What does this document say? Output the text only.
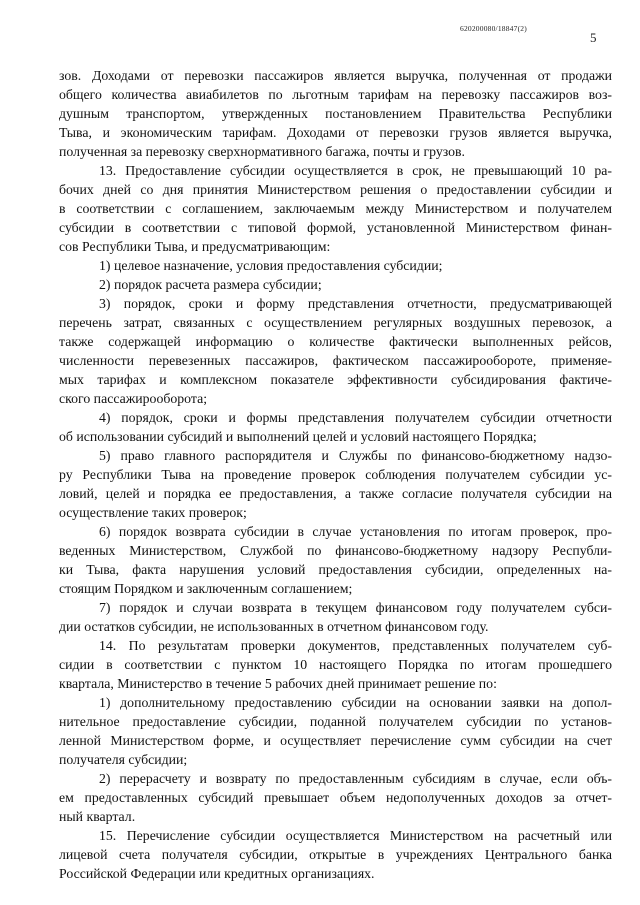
620200080/18847(2)
5
зов. Доходами от перевозки пассажиров является выручка, полученная от продажи
общего количества авиабилетов по льготным тарифам на перевозку пассажиров воз-
душным транспортом, утвержденных постановлением Правительства Республики
Тыва, и экономическим тарифам. Доходами от перевозки грузов является выручка,
полученная за перевозку сверхнормативного багажа, почты и грузов.
13. Предоставление субсидии осуществляется в срок, не превышающий 10 ра-
бочих дней со дня принятия Министерством решения о предоставлении субсидии и
в соответствии с соглашением, заключаемым между Министерством и получателем
субсидии в соответствии с типовой формой, установленной Министерством финан-
сов Республики Тыва, и предусматривающим:
1) целевое назначение, условия предоставления субсидии;
2) порядок расчета размера субсидии;
3) порядок, сроки и форму представления отчетности, предусматривающей
перечень затрат, связанных с осуществлением регулярных воздушных перевозок, а
также содержащей информацию о количестве фактически выполненных рейсов,
численности перевезенных пассажиров, фактическом пассажирообороте, применяе-
мых тарифах и комплексном показателе эффективности субсидирования фактиче-
ского пассажирооборота;
4) порядок, сроки и формы представления получателем субсидии отчетности
об использовании субсидий и выполнений целей и условий настоящего Порядка;
5) право главного распорядителя и Службы по финансово-бюджетному надзо-
ру Республики Тыва на проведение проверок соблюдения получателем субсидии ус-
ловий, целей и порядка ее предоставления, а также согласие получателя субсидии на
осуществление таких проверок;
6) порядок возврата субсидии в случае установления по итогам проверок, про-
веденных Министерством, Службой по финансово-бюджетному надзору Республи-
ки Тыва, факта нарушения условий предоставления субсидии, определенных на-
стоящим Порядком и заключенным соглашением;
7) порядок и случаи возврата в текущем финансовом году получателем субси-
дии остатков субсидии, не использованных в отчетном финансовом году.
14. По результатам проверки документов, представленных получателем суб-
сидии в соответствии с пунктом 10 настоящего Порядка по итогам прошедшего
квартала, Министерство в течение 5 рабочих дней принимает решение по:
1) дополнительному предоставлению субсидии на основании заявки на допол-
нительное предоставление субсидии, поданной получателем субсидии по установ-
ленной Министерством форме, и осуществляет перечисление сумм субсидии на счет
получателя субсидии;
2) перерасчету и возврату по предоставленным субсидиям в случае, если объ-
ем предоставленных субсидий превышает объем недополученных доходов за отчет-
ный квартал.
15. Перечисление субсидии осуществляется Министерством на расчетный или
лицевой счета получателя субсидии, открытые в учреждениях Центрального банка
Российской Федерации или кредитных организациях.
